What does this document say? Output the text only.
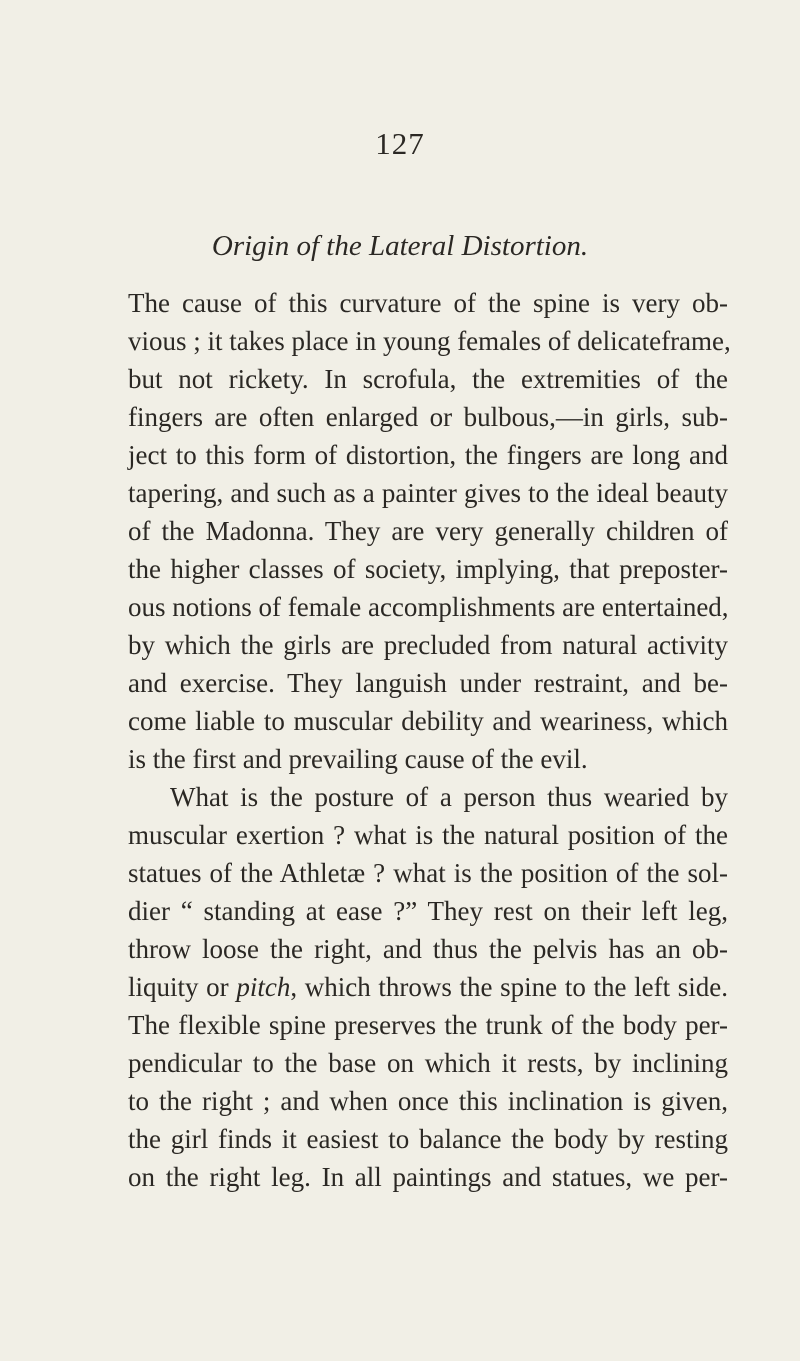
127
Origin of the Lateral Distortion.
The cause of this curvature of the spine is very ob-
vious ; it takes place in young females of delicateframe,
but not rickety. In scrofula, the extremities of the
fingers are often enlarged or bulbous,—in girls, sub-
ject to this form of distortion, the fingers are long and
tapering, and such as a painter gives to the ideal beauty
of the Madonna. They are very generally children of
the higher classes of society, implying, that preposter-
ous notions of female accomplishments are entertained,
by which the girls are precluded from natural activity
and exercise. They languish under restraint, and be-
come liable to muscular debility and weariness, which
is the first and prevailing cause of the evil.
What is the posture of a person thus wearied by
muscular exertion ? what is the natural position of the
statues of the Athletæ ? what is the position of the sol-
dier “ standing at ease ?” They rest on their left leg,
throw loose the right, and thus the pelvis has an ob-
liquity or pitch, which throws the spine to the left side.
The flexible spine preserves the trunk of the body per-
pendicular to the base on which it rests, by inclining
to the right ; and when once this inclination is given,
the girl finds it easiest to balance the body by resting
on the right leg. In all paintings and statues, we per-
